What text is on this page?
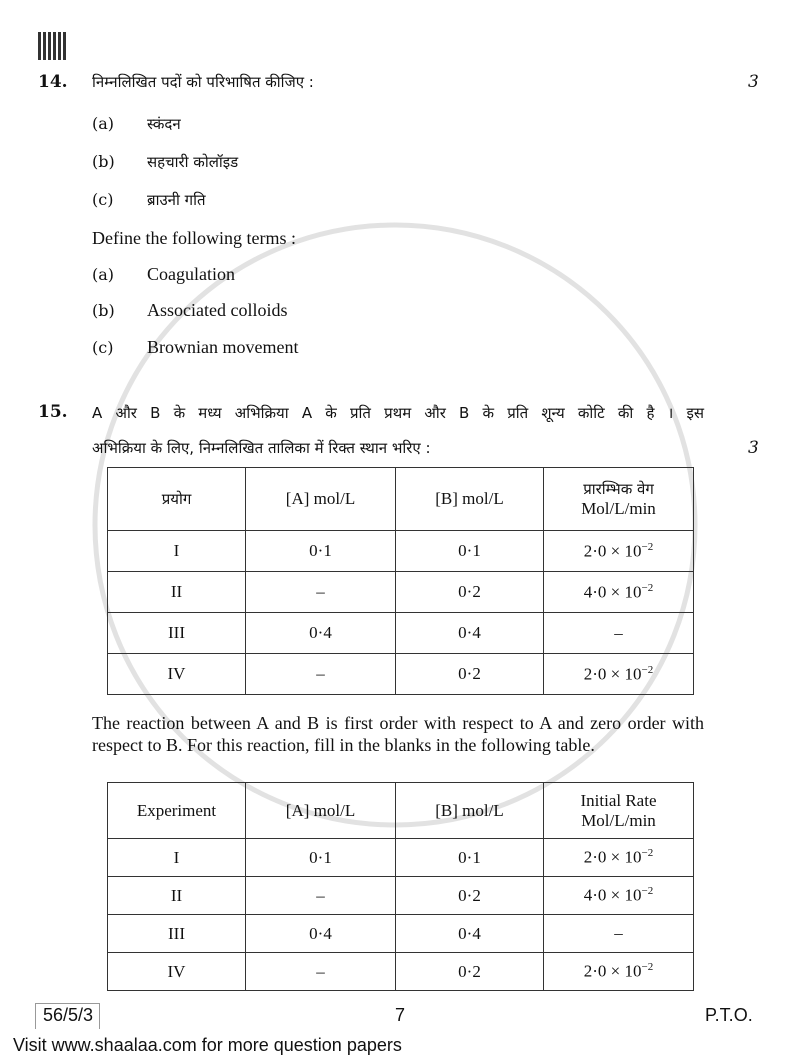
14. निम्नलिखित पदों को परिभाषित कीजिए :	3
(a) स्कंदन
(b) सहचारी कोलॉइड
(c) ब्राउनी गति
Define the following terms :
(a) Coagulation
(b) Associated colloids
(c) Brownian movement
15. A और B के मध्य अभिक्रिया A के प्रति प्रथम और B के प्रति शून्य कोटि की है । इस
अभिक्रिया के लिए, निम्नलिखित तालिका में रिक्त स्थान भरिए :	3
प्रयोग	[A] mol/L	[B] mol/L	प्रारम्भिक वेग
Mol/L/min

I	0·1	0·1	$2\cdot 0 \times 10^{-2}$
II	–	0·2	$4\cdot 0 \times 10^{-2}$
III	0·4	0·4	–
IV	–	0·2	$2\cdot 0 \times 10^{-2}$
The reaction between A and B is first order with respect to A and zero order with respect to B. For this reaction, fill in the blanks in the following table.
Experiment	[A] mol/L	[B] mol/L	Initial Rate
Mol/L/min

I	0·1	0·1	$2\cdot 0 \times 10^{-2}$
II	–	0·2	$4\cdot 0 \times 10^{-2}$
III	0·4	0·4	–
IV	–	0·2	$2\cdot 0 \times 10^{-2}$
56/5/3	7	P.T.O.
Visit www.shaalaa.com for more question papers
